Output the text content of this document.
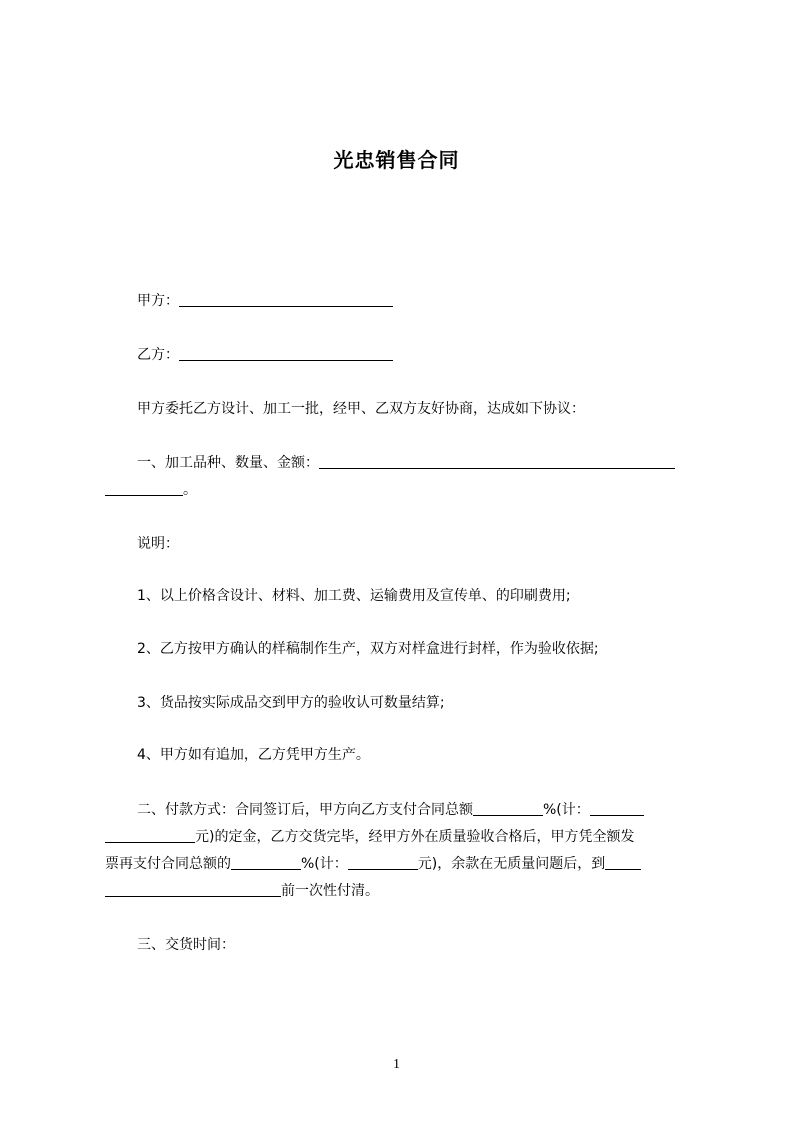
光忠销售合同
甲方：
乙方：
甲方委托乙方设计、加工一批，经甲、乙双方友好协商，达成如下协议：
一、加工品种、数量、金额：
。
说明：
1、以上价格含设计、材料、加工费、运输费用及宣传单、的印刷费用;
2、乙方按甲方确认的样稿制作生产，双方对样盒进行封样，作为验收依据;
3、货品按实际成品交到甲方的验收认可数量结算;
4、甲方如有追加，乙方凭甲方生产。
二、付款方式：合同签订后，甲方向乙方支付合同总额	%(计：
元)的定金，乙方交货完毕，经甲方外在质量验收合格后，甲方凭全额发
票再支付合同总额的	%(计：	元)，余款在无质量问题后，到
前一次性付清。
三、交货时间：
1
